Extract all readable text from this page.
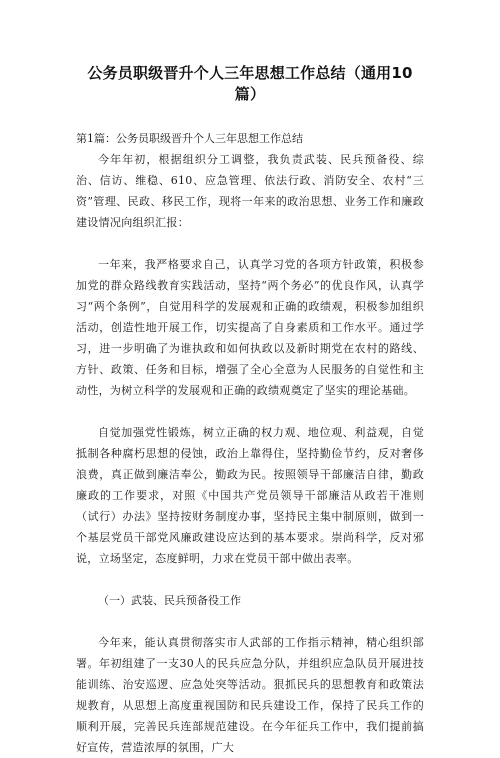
公务员职级晋升个人三年思想工作总结（通用10篇）

第1篇：公务员职级晋升个人三年思想工作总结

今年年初，根据组织分工调整，我负责武装、民兵预备役、综治、信访、维稳、610、应急管理、依法行政、消防安全、农村“三资”管理、民政、移民工作，现将一年来的政治思想、业务工作和廉政建设情况向组织汇报：

一年来，我严格要求自己，认真学习党的各项方针政策，积极参加党的群众路线教育实践活动，坚持“两个务必”的优良作风，认真学习“两个条例”，自觉用科学的发展观和正确的政绩观，积极参加组织活动，创造性地开展工作，切实提高了自身素质和工作水平。通过学习，进一步明确了为谁执政和如何执政以及新时期党在农村的路线、方针、政策、任务和目标，增强了全心全意为人民服务的自觉性和主动性，为树立科学的发展观和正确的政绩观奠定了坚实的理论基础。

自觉加强党性锻炼，树立正确的权力观、地位观、利益观，自觉抵制各种腐朽思想的侵蚀，政治上靠得住，坚持勤俭节约，反对奢侈浪费，真正做到廉洁奉公，勤政为民。按照领导干部廉洁自律，勤政廉政的工作要求，对照《中国共产党员领导干部廉洁从政若干准则（试行）办法》坚持按财务制度办事，坚持民主集中制原则，做到一个基层党员干部党风廉政建设应达到的基本要求。崇尚科学，反对邪说，立场坚定，态度鲜明，力求在党员干部中做出表率。

（一）武装、民兵预备役工作

今年来，能认真贯彻落实市人武部的工作指示精神，精心组织部署。年初组建了一支30人的民兵应急分队，并组织应急队员开展进技能训练、治安巡逻、应急处突等活动。狠抓民兵的思想教育和政策法规教育，从思想上高度重视国防和民兵建设工作，保持了民兵工作的顺利开展，完善民兵连部规范建设。在今年征兵工作中，我们提前搞好宣传，营造浓厚的氛围，广大
